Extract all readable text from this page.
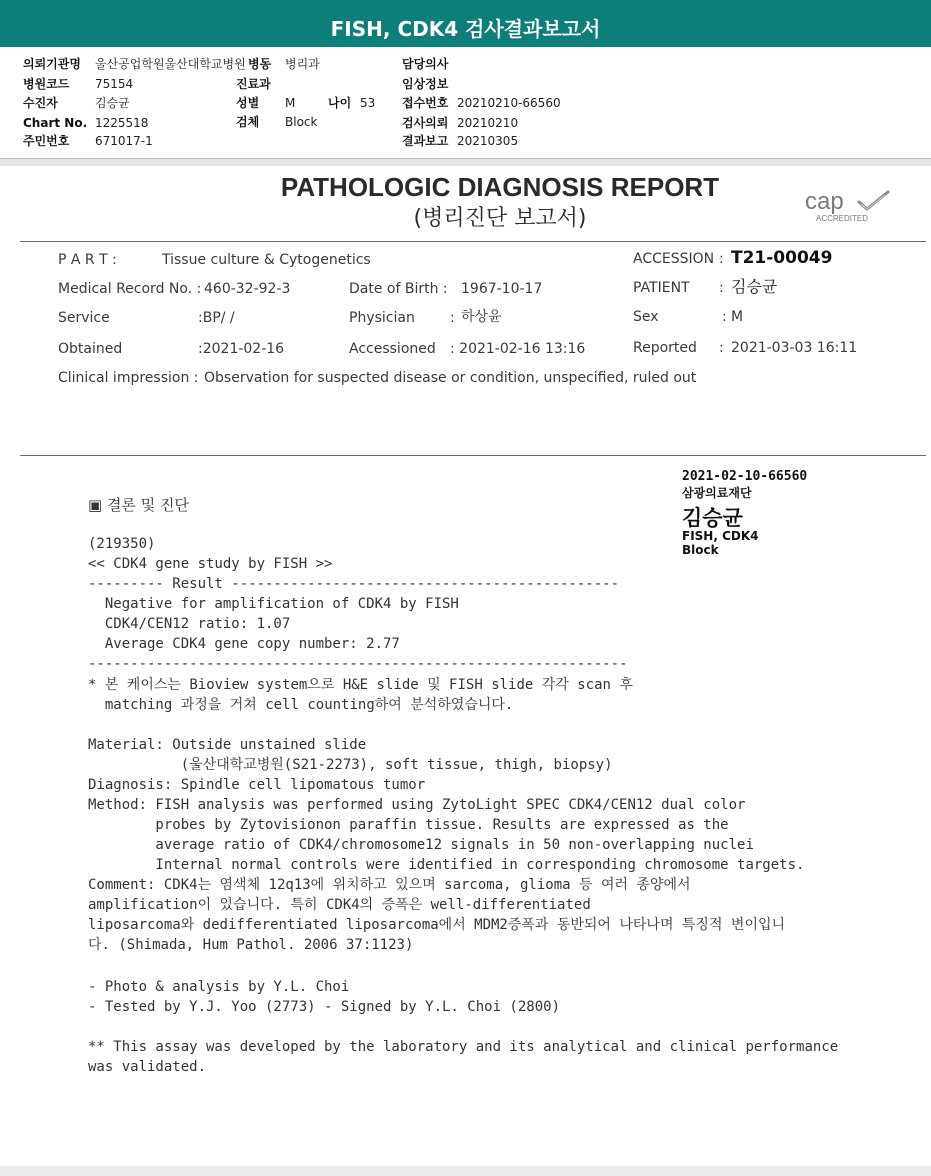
FISH, CDK4 검사결과보고서
의뢰기관명 울산공업학원울산대학교병원 병동 병리과	담당의사
병원코드 75154	진료과	임상정보
수진자	김승균	성별 M	나이 53 접수번호 20210210-66560
Chart No. 1225518	검체 Block	검사의뢰 20210210
주민번호 671017-1	결과보고 20210305
PATHOLOGIC DIAGNOSIS REPORT
(병리진단 보고서)
cap
ACCREDITED
P A R T :	Tissue culture & Cytogenetics	ACCESSION : T21-00049
Medical Record No. : 460-32-92-3	Date of Birth : 1967-10-17	PATIENT : 김승균
Service	:BP/ /	Physician	: 하상윤	Sex	: M
Obtained	:2021-02-16	Accessioned : 2021-02-16 13:16	Reported : 2021-03-03 16:11
Clinical impression : Observation for suspected disease or condition, unspecified, ruled out

2021-02-10-66560
삼광의료재단
김승균
FISH, CDK4
Block
▣ 결론 및 진단
(219350)
<< CDK4 gene study by FISH >>
--------- Result ----------------------------------------------
Negative for amplification of CDK4 by FISH
CDK4/CEN12 ratio: 1.07
Average CDK4 gene copy number: 2.77
----------------------------------------------------------------
* 본 케이스는 Bioview system으로 H&E slide 및 FISH slide 각각 scan 후
matching 과정을 거쳐 cell counting하여 분석하였습니다.
Material: Outside unstained slide
(울산대학교병원(S21-2273), soft tissue, thigh, biopsy)
Diagnosis: Spindle cell lipomatous tumor
Method: FISH analysis was performed using ZytoLight SPEC CDK4/CEN12 dual color
probes by Zytovisionon paraffin tissue. Results are expressed as the
average ratio of CDK4/chromosome12 signals in 50 non-overlapping nuclei
Internal normal controls were identified in corresponding chromosome targets.
Comment: CDK4는 염색체 12q13에 위치하고 있으며 sarcoma, glioma 등 여러 종양에서
amplification이 있습니다. 특히 CDK4의 증폭은 well-differentiated
liposarcoma와 dedifferentiated liposarcoma에서 MDM2증폭과 동반되어 나타나며 특징적 변이입니
다. (Shimada, Hum Pathol. 2006 37:1123)
- Photo & analysis by Y.L. Choi
- Tested by Y.J. Yoo (2773) - Signed by Y.L. Choi (2800)
** This assay was developed by the laboratory and its analytical and clinical performance
was validated.
